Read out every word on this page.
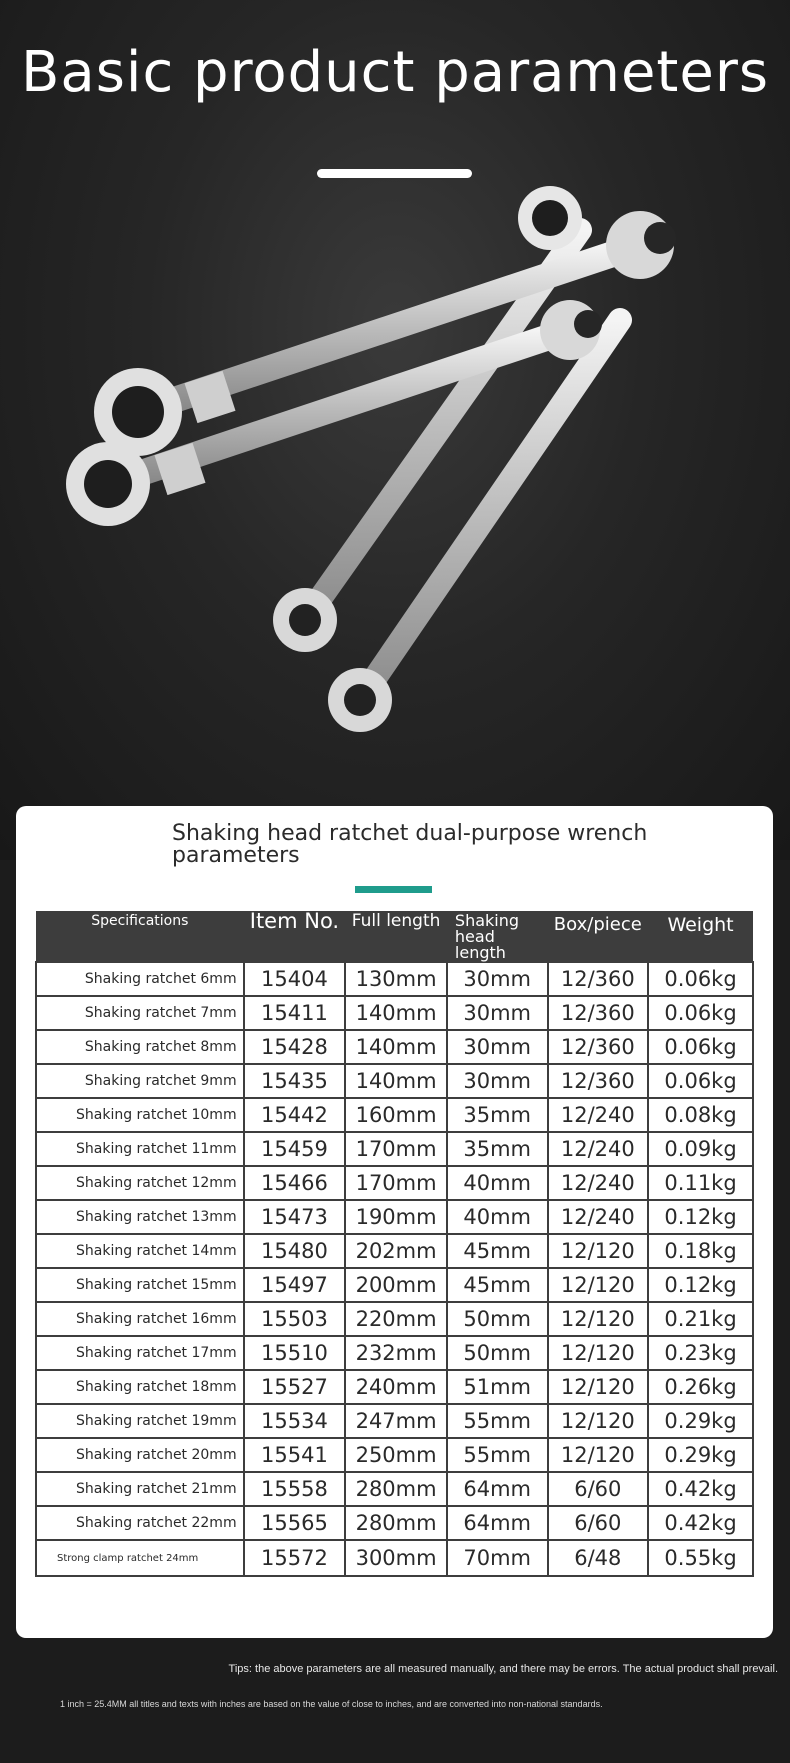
Basic product parameters
Shaking head ratchet dual-purpose wrench parameters
Specifications	Item No.	Full length	Shaking head length	Box/piece	Weight
Shaking ratchet 6mm	15404	130mm	30mm	12/360	0.06kg
Shaking ratchet 7mm	15411	140mm	30mm	12/360	0.06kg
Shaking ratchet 8mm	15428	140mm	30mm	12/360	0.06kg
Shaking ratchet 9mm	15435	140mm	30mm	12/360	0.06kg
Shaking ratchet 10mm	15442	160mm	35mm	12/240	0.08kg
Shaking ratchet 11mm	15459	170mm	35mm	12/240	0.09kg
Shaking ratchet 12mm	15466	170mm	40mm	12/240	0.11kg
Shaking ratchet 13mm	15473	190mm	40mm	12/240	0.12kg
Shaking ratchet 14mm	15480	202mm	45mm	12/120	0.18kg
Shaking ratchet 15mm	15497	200mm	45mm	12/120	0.12kg
Shaking ratchet 16mm	15503	220mm	50mm	12/120	0.21kg
Shaking ratchet 17mm	15510	232mm	50mm	12/120	0.23kg
Shaking ratchet 18mm	15527	240mm	51mm	12/120	0.26kg
Shaking ratchet 19mm	15534	247mm	55mm	12/120	0.29kg
Shaking ratchet 20mm	15541	250mm	55mm	12/120	0.29kg
Shaking ratchet 21mm	15558	280mm	64mm	6/60	0.42kg
Shaking ratchet 22mm	15565	280mm	64mm	6/60	0.42kg
Strong clamp ratchet 24mm	15572	300mm	70mm	6/48	0.55kg
Tips: the above parameters are all measured manually, and there may be errors. The actual product shall prevail.
1 inch = 25.4MM all titles and texts with inches are based on the value of close to inches, and are converted into non-national standards.
